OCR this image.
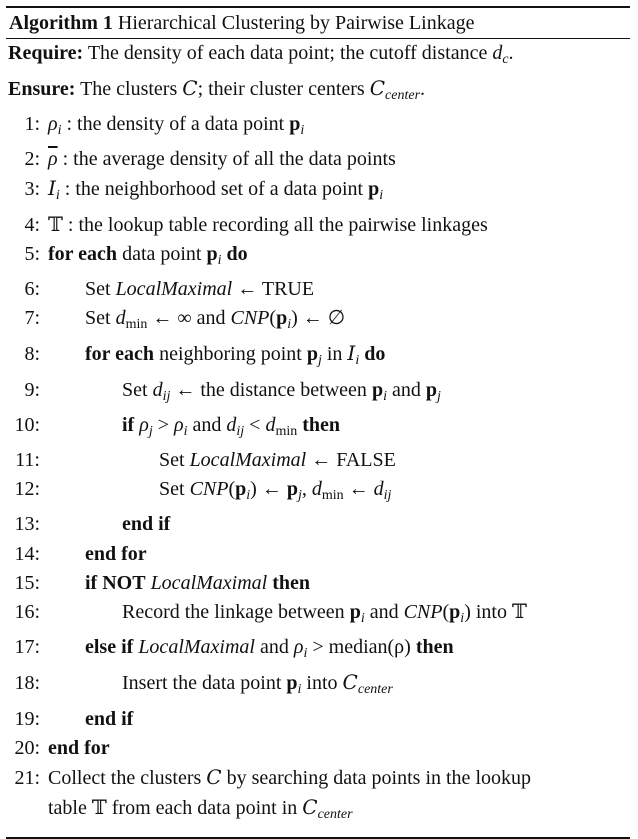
Algorithm 1 Hierarchical Clustering by Pairwise Linkage
Require: The density of each data point; the cutoff distance $d_c$.
Ensure: The clusters C; their cluster centers $C_{center}$.
1: $\rho_i$ : the density of a data point $p_i$
2: $\overline{\rho}$ : the average density of all the data points
3: $I_i$ : the neighborhood set of a data point $p_i$
4: 𝕋 : the lookup table recording all the pairwise linkages
5: for each data point $p_i$ do
6: Set LocalMaximal ← TRUE
7: Set $d_{min}$ ← ∞ and $CNP(p_i)$ ← ∅
8: for each neighboring point $p_j$ in $I_i$ do
9:	Set $d_{ij}$ ← the distance between $p_i$ and $p_j$
10:	if $\rho_j > \rho_i$ and $d_{ij} < d_{min}$ then
11:	Set LocalMaximal ← FALSE
12:	Set $CNP(p_i)$ ← $p_j$, $d_{min}$ ← $d_{ij}$
13:	end if
14: end for
15: if NOT LocalMaximal then
16:	Record the linkage between $p_i$ and $CNP(p_i)$ into 𝕋
17: else if LocalMaximal and $\rho_i$ > median(ρ) then
18:	Insert the data point $p_i$ into $C_{center}$
19: end if
20: end for
21: Collect the clusters C by searching data points in the lookup
table 𝕋 from each data point in $C_{center}$
